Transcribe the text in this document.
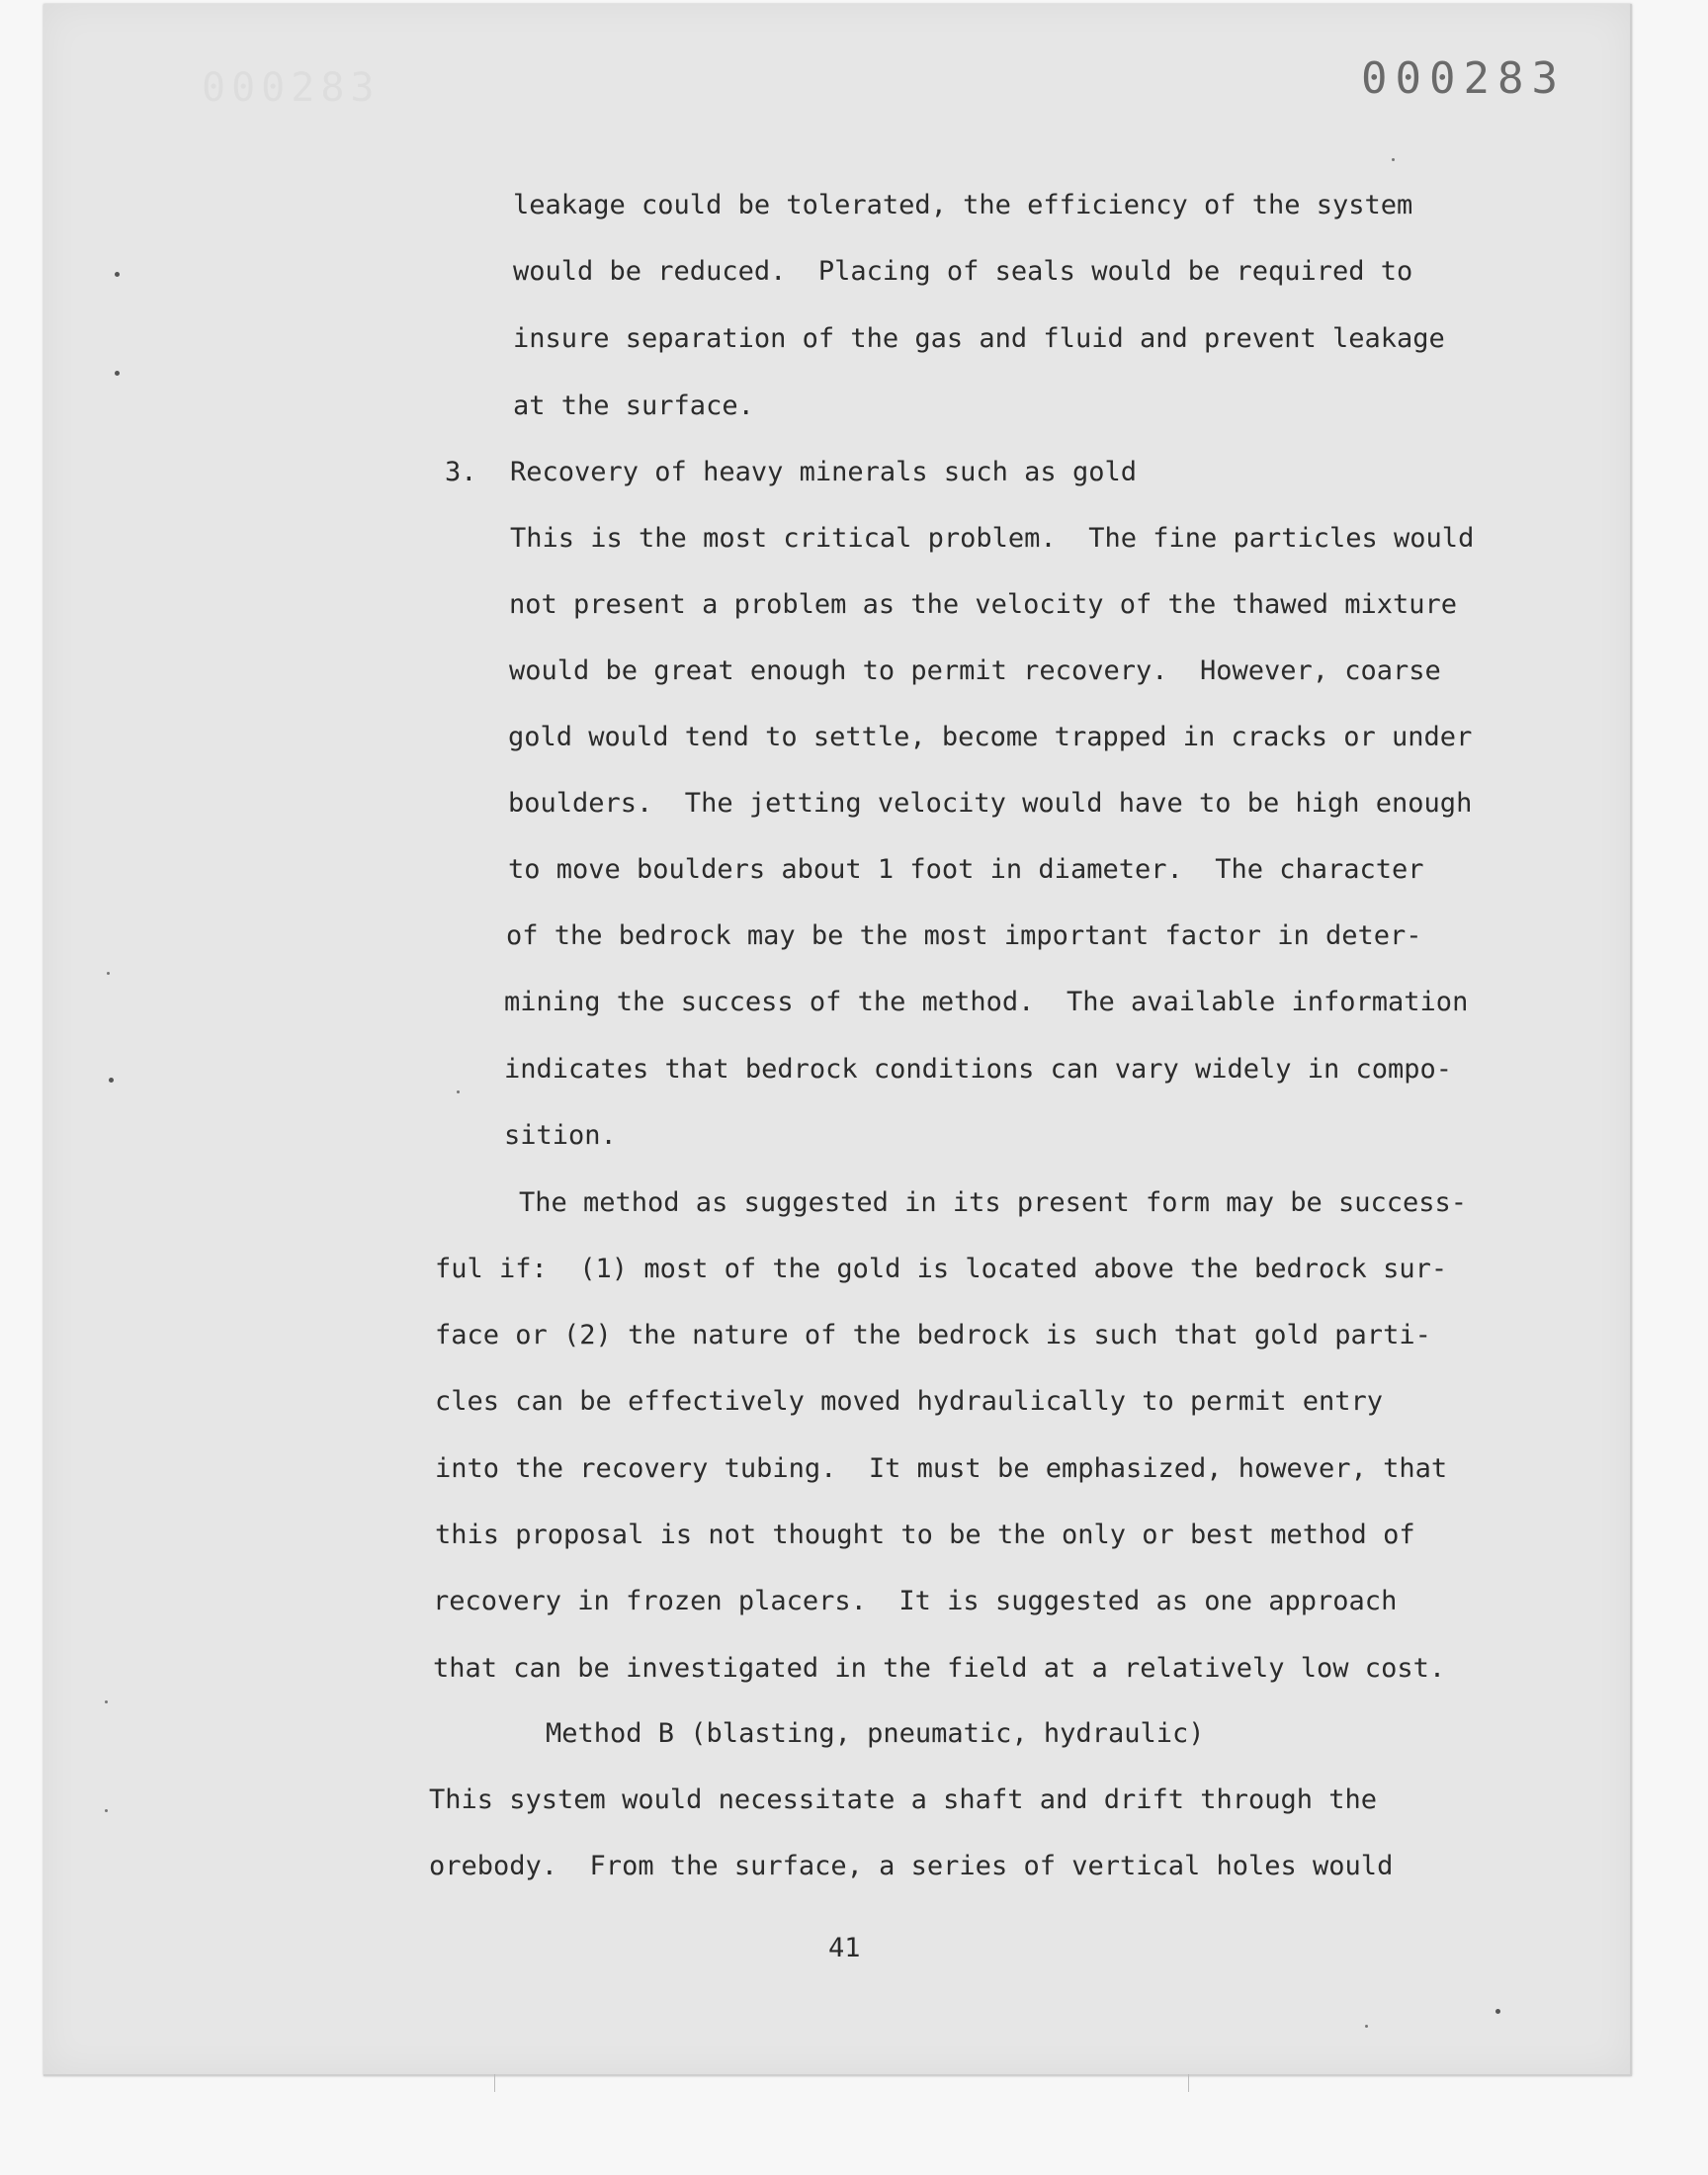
000283	000283
leakage could be tolerated, the efficiency of the system
would be reduced.  Placing of seals would be required to
insure separation of the gas and fluid and prevent leakage
at the surface.
3. Recovery of heavy minerals such as gold
This is the most critical problem.  The fine particles would
not present a problem as the velocity of the thawed mixture
would be great enough to permit recovery.  However, coarse
gold would tend to settle, become trapped in cracks or under
boulders.  The jetting velocity would have to be high enough
to move boulders about 1 foot in diameter.  The character
of the bedrock may be the most important factor in deter-
mining the success of the method.  The available information
indicates that bedrock conditions can vary widely in compo-
sition.
The method as suggested in its present form may be success-
ful if:  (1) most of the gold is located above the bedrock sur-
face or (2) the nature of the bedrock is such that gold parti-
cles can be effectively moved hydraulically to permit entry
into the recovery tubing.  It must be emphasized, however, that
this proposal is not thought to be the only or best method of
recovery in frozen placers.  It is suggested as one approach
that can be investigated in the field at a relatively low cost.
Method B (blasting, pneumatic, hydraulic)
This system would necessitate a shaft and drift through the
orebody.  From the surface, a series of vertical holes would
41
